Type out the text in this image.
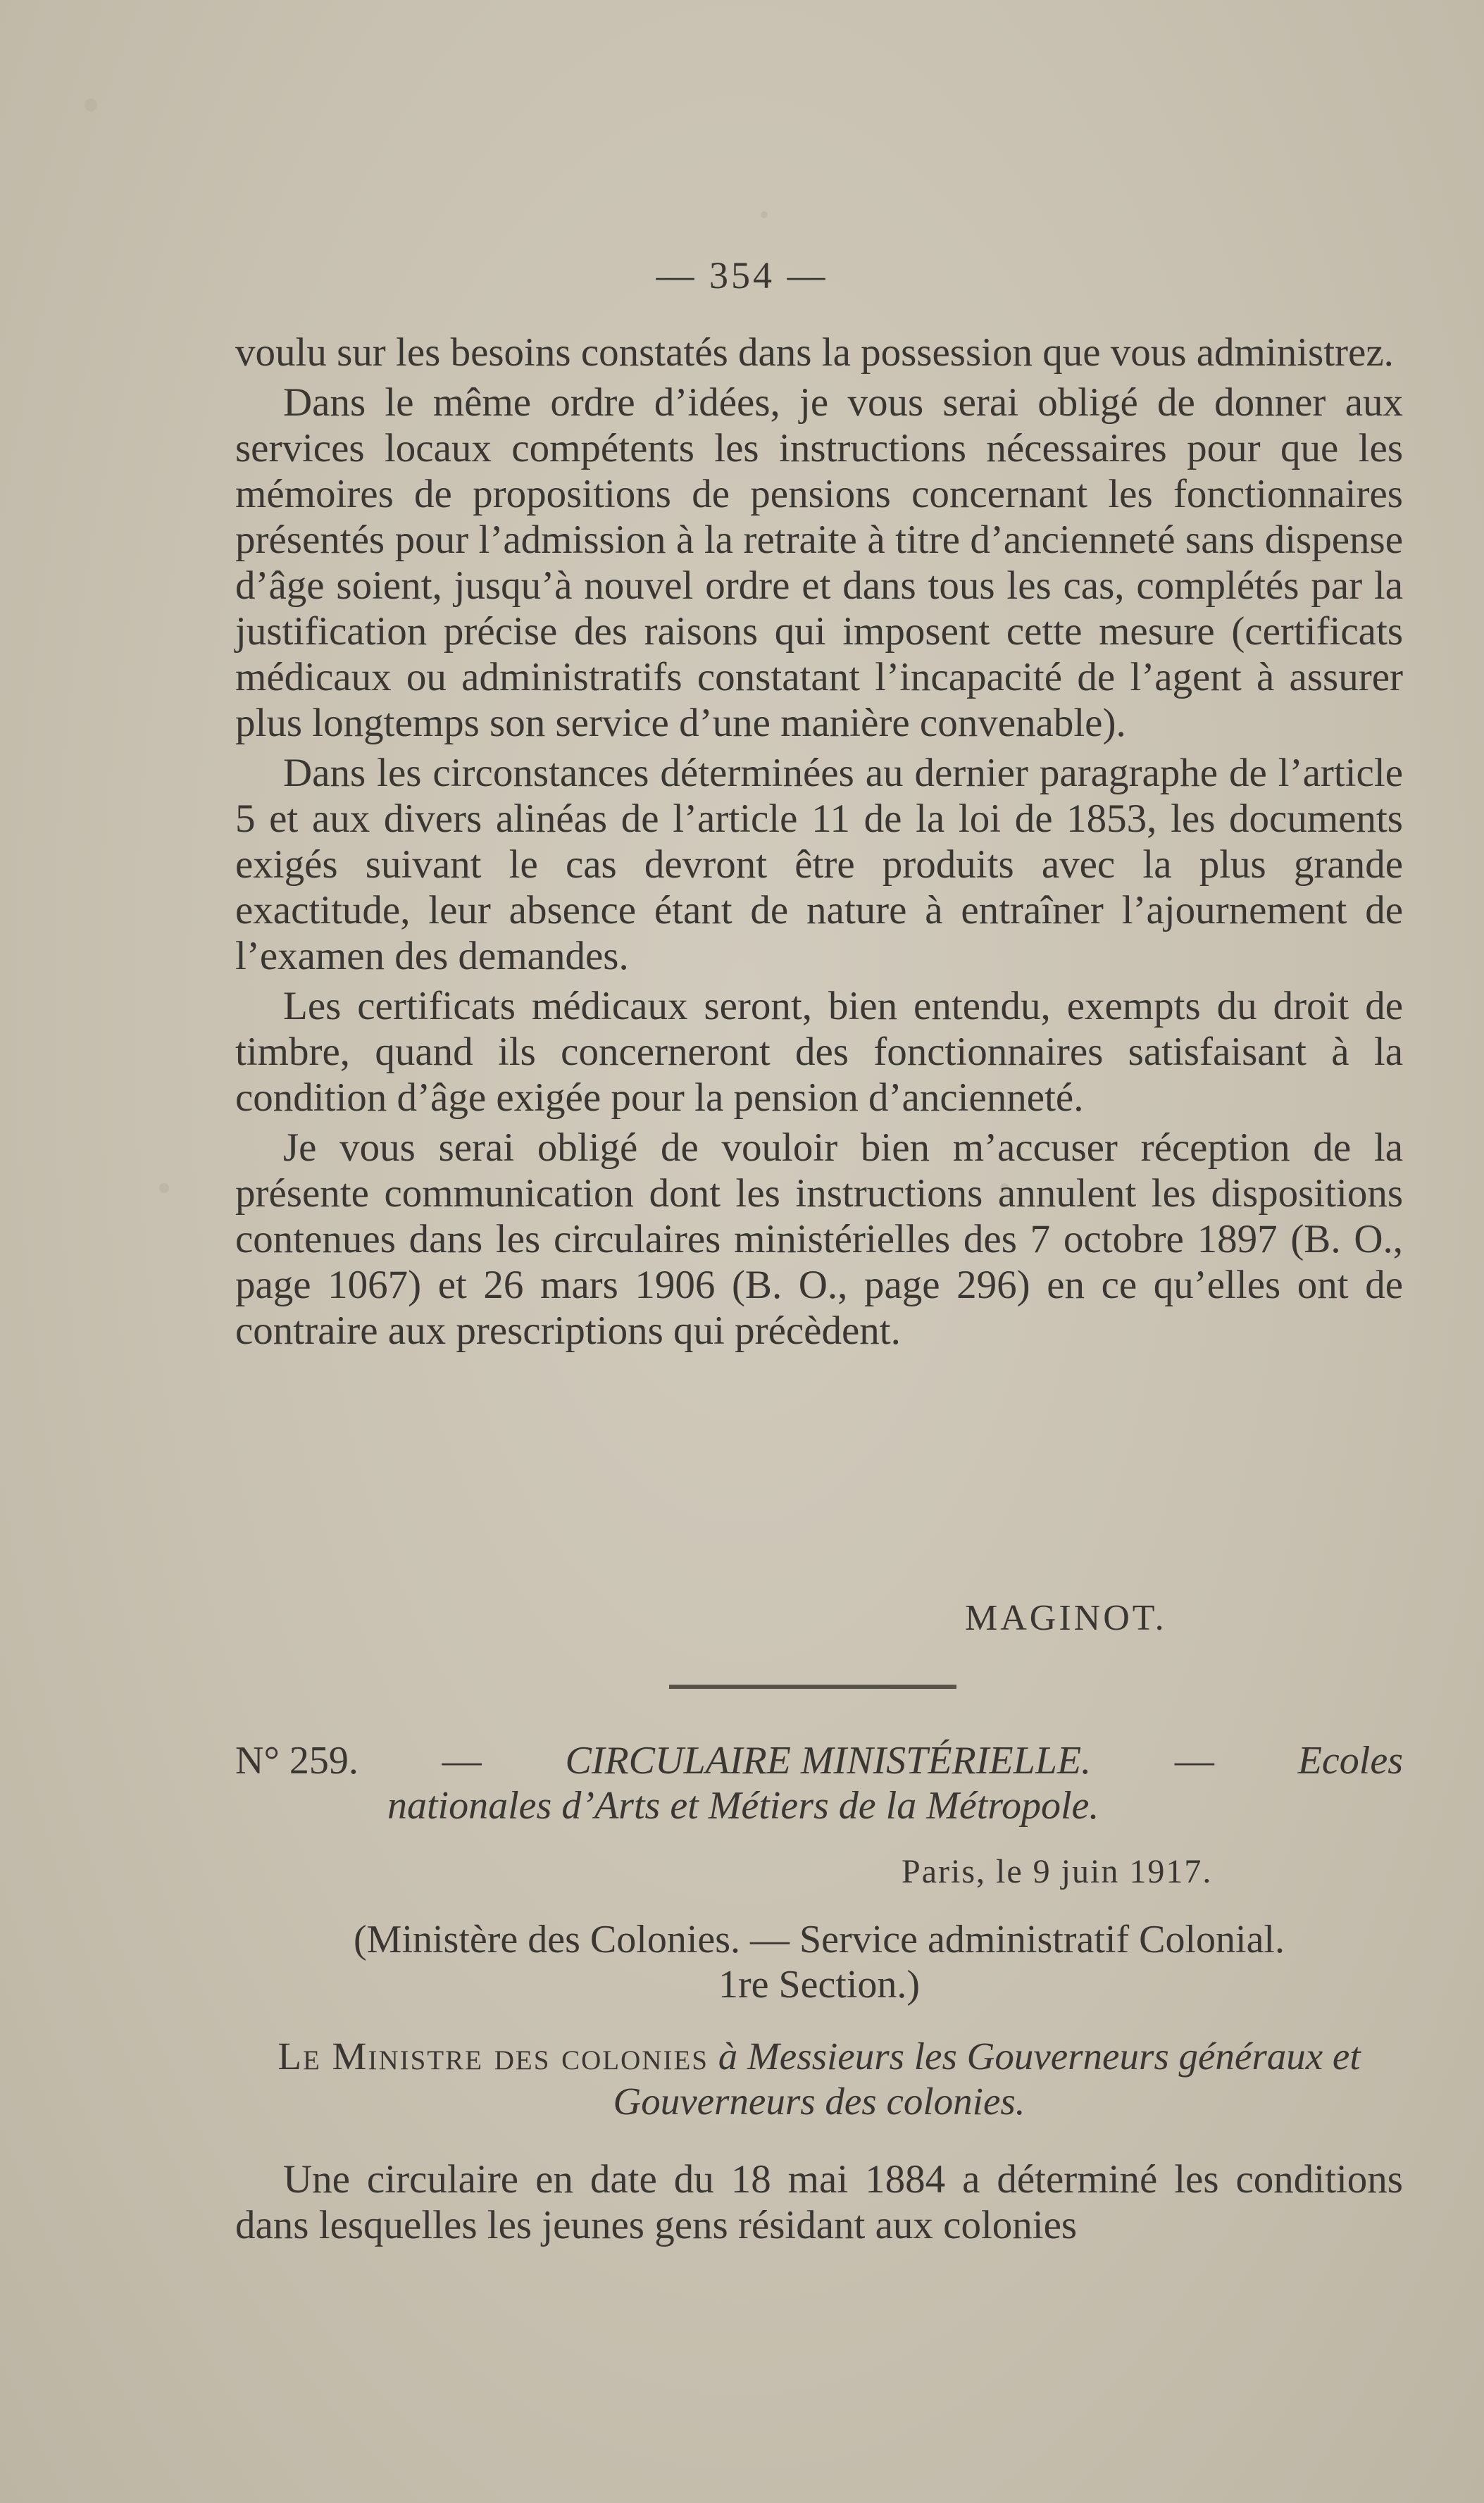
— 354 —

voulu sur les besoins constatés dans la possession que vous administrez.

Dans le même ordre d’idées, je vous serai obligé de donner aux services locaux compétents les instructions nécessaires pour que les mémoires de propositions de pensions concernant les fonctionnaires présentés pour l’admission à la retraite à titre d’ancienneté sans dispense d’âge soient, jusqu’à nouvel ordre et dans tous les cas, complétés par la justification précise des raisons qui imposent cette mesure (certificats médicaux ou administratifs constatant l’incapacité de l’agent à assurer plus longtemps son service d’une manière convenable).

Dans les circonstances déterminées au dernier paragraphe de l’article 5 et aux divers alinéas de l’article 11 de la loi de 1853, les documents exigés suivant le cas devront être produits avec la plus grande exactitude, leur absence étant de nature à entraîner l’ajournement de l’examen des demandes.

Les certificats médicaux seront, bien entendu, exempts du droit de timbre, quand ils concerneront des fonctionnaires satisfaisant à la condition d’âge exigée pour la pension d’ancienneté.

Je vous serai obligé de vouloir bien m’accuser réception de la présente communication dont les instructions annulent les dispositions contenues dans les circulaires ministérielles des 7 octobre 1897 (B. O., page 1067) et 26 mars 1906 (B. O., page 296) en ce qu’elles ont de contraire aux prescriptions qui précèdent.

MAGINOT.
N° 259. — CIRCULAIRE MINISTÉRIELLE. — Ecoles
nationales d’Arts et Métiers de la Métropole.
Paris, le 9 juin 1917.
(Ministère des Colonies. — Service administratif Colonial.
1re Section.)
Le Ministre des colonies à Messieurs les Gouverneurs généraux et Gouverneurs des colonies.

Une circulaire en date du 18 mai 1884 a déterminé les conditions dans lesquelles les jeunes gens résidant aux colonies
